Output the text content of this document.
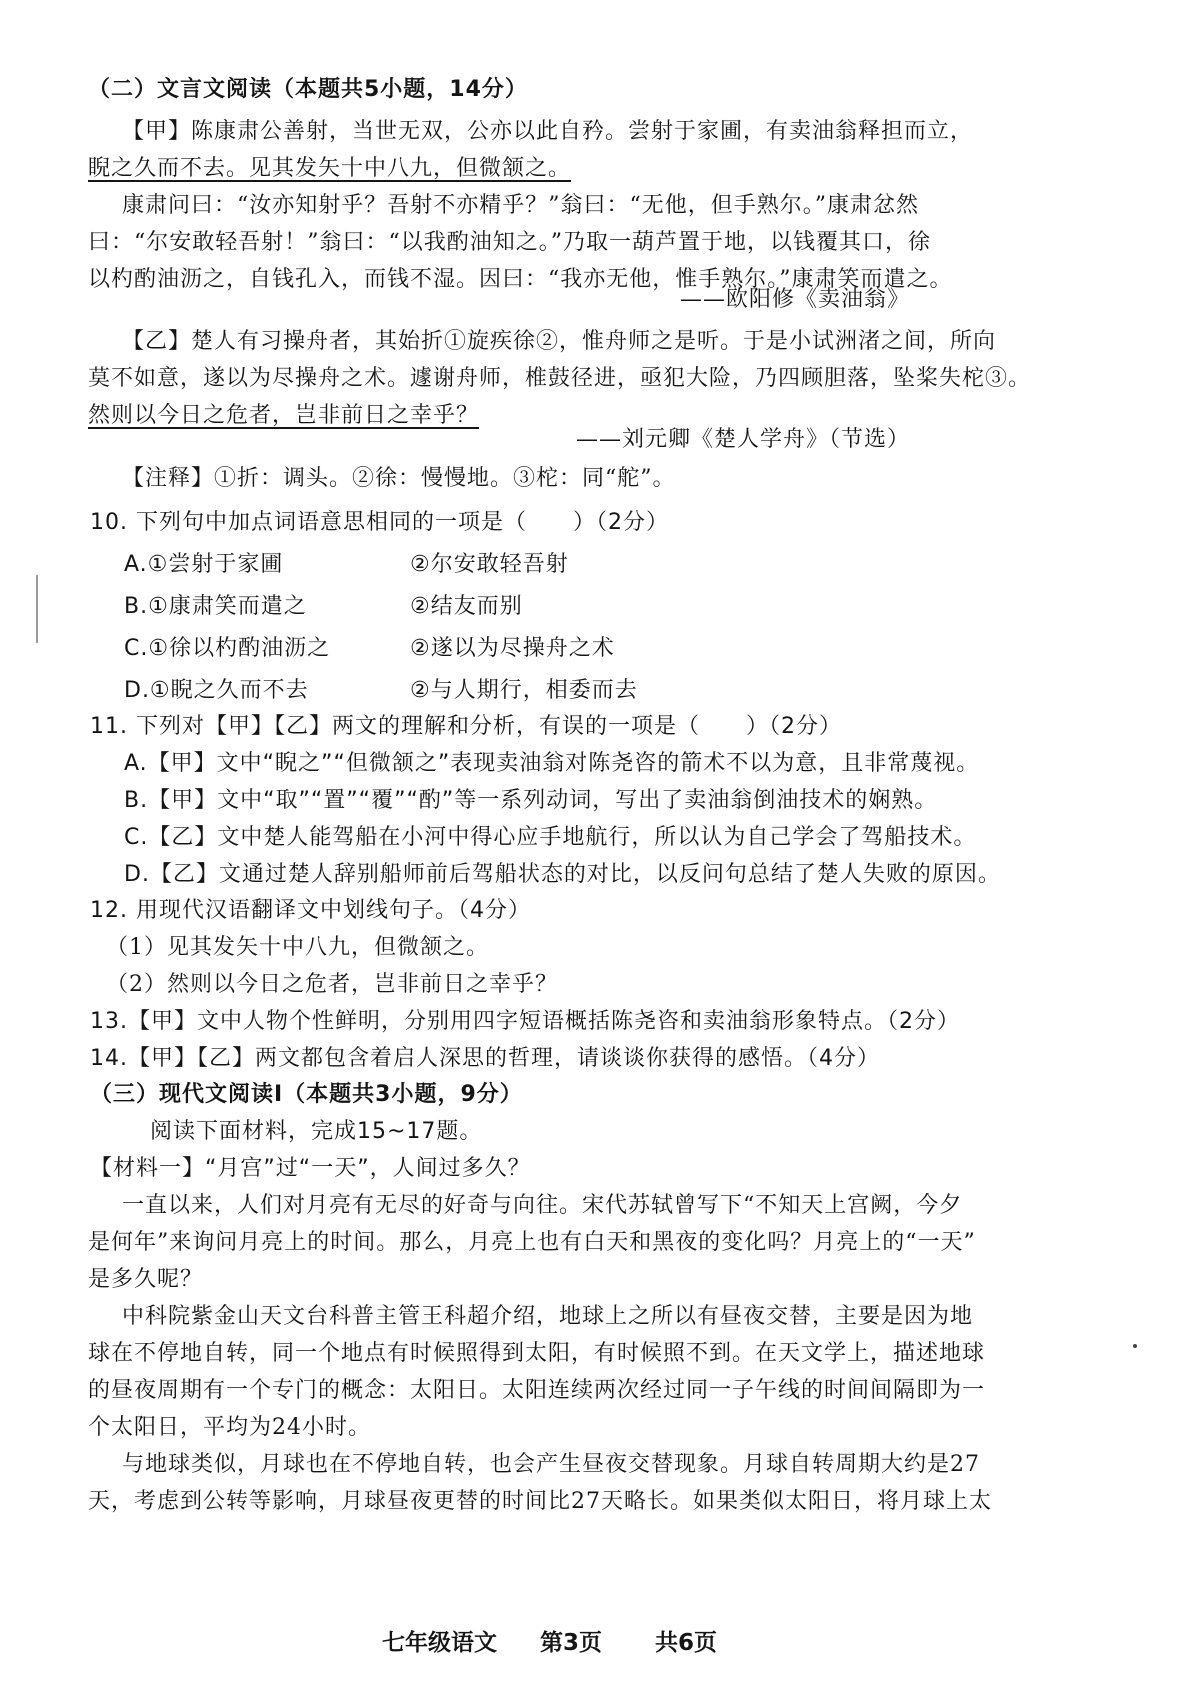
（二）文言文阅读（本题共5小题，14分）
【甲】陈康肃公善射，当世无双，公亦以此自矜。尝射于家圃，有卖油翁释担而立，
睨之久而不去。见其发矢十中八九，但微颔之。
康肃问曰：“汝亦知射乎？吾射不亦精乎？”翁曰：“无他，但手熟尔。”康肃忿然
曰：“尔安敢轻吾射！”翁曰：“以我酌油知之。”乃取一葫芦置于地，以钱覆其口，徐
以杓酌油沥之，自钱孔入，而钱不湿。因曰：“我亦无他，惟手熟尔。”康肃笑而遣之。
——欧阳修《卖油翁》
【乙】楚人有习操舟者，其始折①旋疾徐②，惟舟师之是听。于是小试洲渚之间，所向
莫不如意，遂以为尽操舟之术。遽谢舟师，椎鼓径进，亟犯大险，乃四顾胆落，坠桨失柁③。
然则以今日之危者，岂非前日之幸乎？
——刘元卿《楚人学舟》（节选）
【注释】①折：调头。②徐：慢慢地。③柁：同“舵”。
10. 下列句中加点词语意思相同的一项是（　　）（2分）
A.①尝射于家圃	②尔安敢轻吾射
B.①康肃笑而遣之	②结友而别
C.①徐以杓酌油沥之	②遂以为尽操舟之术
D.①睨之久而不去	②与人期行，相委而去
11. 下列对【甲】【乙】两文的理解和分析，有误的一项是（　　）（2分）
A.【甲】文中“睨之”“但微颔之”表现卖油翁对陈尧咨的箭术不以为意，且非常蔑视。
B.【甲】文中“取”“置”“覆”“酌”等一系列动词，写出了卖油翁倒油技术的娴熟。
C.【乙】文中楚人能驾船在小河中得心应手地航行，所以认为自己学会了驾船技术。
D.【乙】文通过楚人辞别船师前后驾船状态的对比，以反问句总结了楚人失败的原因。
12. 用现代汉语翻译文中划线句子。（4分）
（1）见其发矢十中八九，但微颔之。
（2）然则以今日之危者，岂非前日之幸乎？
13.【甲】文中人物个性鲜明，分别用四字短语概括陈尧咨和卖油翁形象特点。（2分）
14.【甲】【乙】两文都包含着启人深思的哲理，请谈谈你获得的感悟。（4分）
（三）现代文阅读Ⅰ（本题共3小题，9分）
阅读下面材料，完成15~17题。
【材料一】“月宫”过“一天”，人间过多久？
一直以来，人们对月亮有无尽的好奇与向往。宋代苏轼曾写下“不知天上宫阙，今夕
是何年”来询问月亮上的时间。那么，月亮上也有白天和黑夜的变化吗？月亮上的“一天”
是多久呢？
中科院紫金山天文台科普主管王科超介绍，地球上之所以有昼夜交替，主要是因为地
球在不停地自转，同一个地点有时候照得到太阳，有时候照不到。在天文学上，描述地球
的昼夜周期有一个专门的概念：太阳日。太阳连续两次经过同一子午线的时间间隔即为一
个太阳日，平均为24小时。
与地球类似，月球也在不停地自转，也会产生昼夜交替现象。月球自转周期大约是27
天，考虑到公转等影响，月球昼夜更替的时间比27天略长。如果类似太阳日，将月球上太
七年级语文 第3页 共6页
